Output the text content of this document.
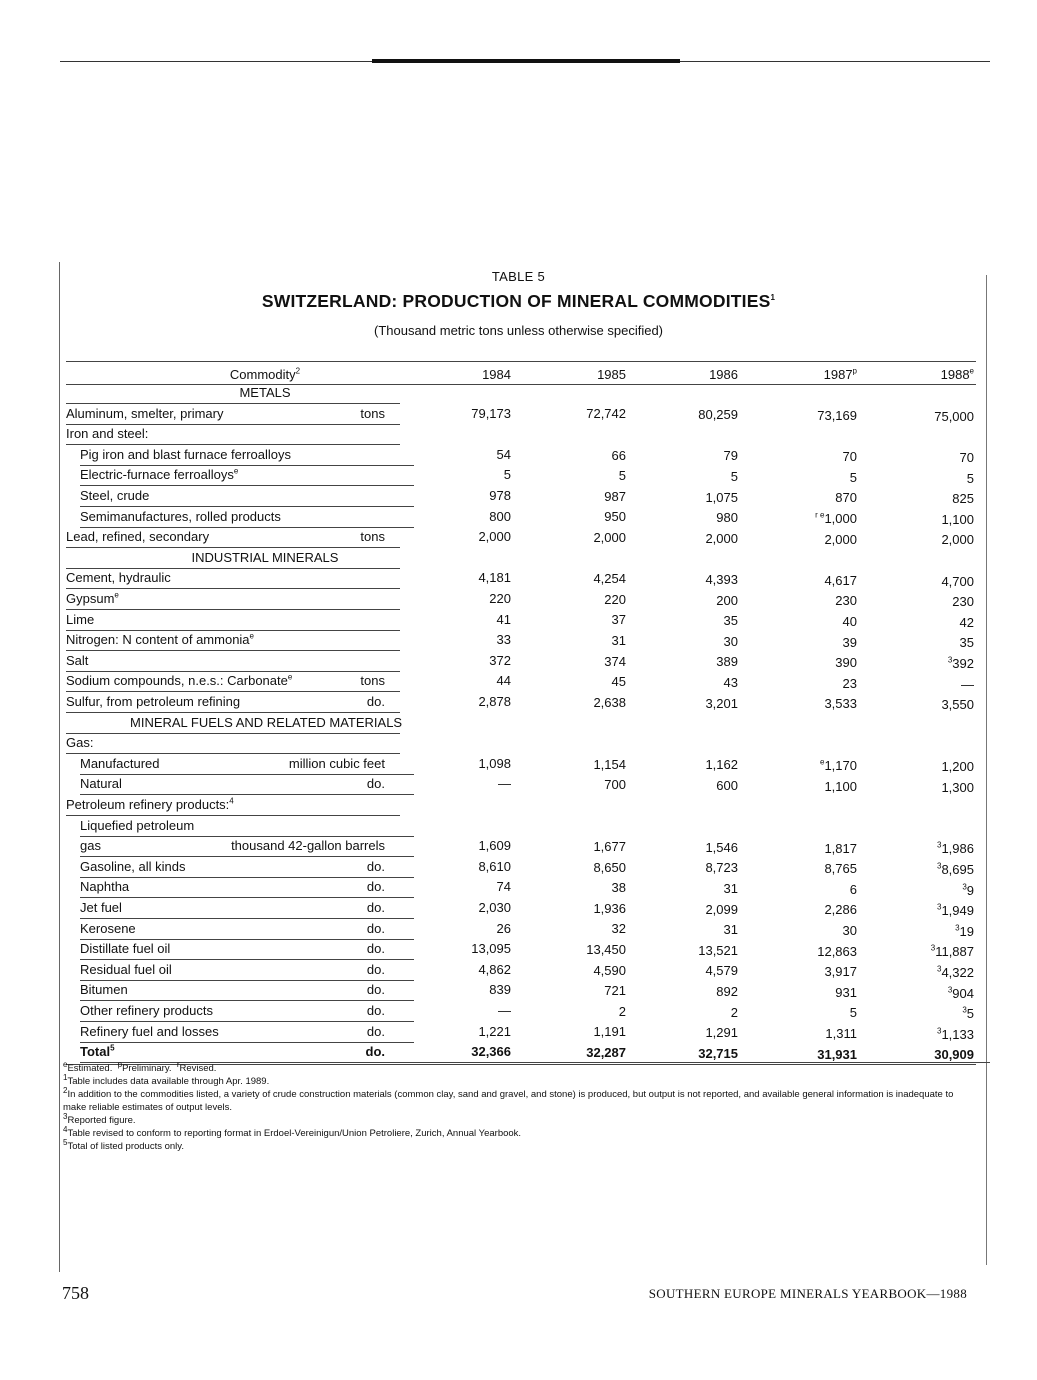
TABLE 5
SWITZERLAND: PRODUCTION OF MINERAL COMMODITIES$^1$
(Thousand metric tons unless otherwise specified)
Commodity$^2$	1984	1985	1986	1987$^p$	1988e
METALS
Aluminum, smelter, primary	tons	79,173	72,742	80,259	73,169	75,000
Iron and steel:
Pig iron and blast furnace ferroalloys	54	66	79	70	70
Electric-furnace ferroalloys$^e$	5	5	5	5	5
Steel, crude	978	987	1,075	870	825
Semimanufactures, rolled products	800	950	980	$^{r e}$1,000	1,100
Lead, refined, secondary	tons	2,000	2,000	2,000	2,000	2,000
INDUSTRIAL MINERALS
Cement, hydraulic	4,181	4,254	4,393	4,617	4,700
Gypsum$^e$	220	220	200	230	230
Lime	41	37	35	40	42
Nitrogen: N content of ammonia$^e$	33	31	30	39	35
Salt	372	374	389	390	$^3$392
Sodium compounds, n.e.s.: Carbonate$^e$	tons	44	45	43	23	—
Sulfur, from petroleum refining	do.	2,878	2,638	3,201	3,533	3,550
MINERAL FUELS AND RELATED MATERIALS
Gas:
Manufactured	million cubic feet	1,098	1,154	1,162	$^e$1,170	1,200
Natural	do.	—	700	600	1,100	1,300
Petroleum refinery products:$^4$
Liquefied petroleum
gas	thousand 42-gallon barrels	1,609	1,677	1,546	1,817	$^3$1,986
Gasoline, all kinds	do.	8,610	8,650	8,723	8,765	$^3$8,695
Naphtha	do.	74	38	31	6	$^3$9
Jet fuel	do.	2,030	1,936	2,099	2,286	$^3$1,949
Kerosene	do.	26	32	31	30	$^3$19
Distillate fuel oil	do.	13,095	13,450	13,521	12,863	$^3$11,887
Residual fuel oil	do.	4,862	4,590	4,579	3,917	$^3$4,322
Bitumen	do.	839	721	892	931	$^3$904
Other refinery products	do.	—	2	2	5	$^3$5
Refinery fuel and losses	do.	1,221	1,191	1,291	1,311	$^3$1,133
Total$^5$	do.	32,366	32,287	32,715	31,931	30,909
$^e$Estimated. $^p$Preliminary. $^r$Revised.
$^1$Table includes data available through Apr. 1989.
$^2$In addition to the commodities listed, a variety of crude construction materials (common clay, sand and gravel, and stone) is produced, but output is not reported, and available general information is inadequate to make reliable estimates of output levels.
$^3$Reported figure.
$^4$Table revised to conform to reporting format in Erdoel-Vereinigun/Union Petroliere, Zurich, Annual Yearbook.
$^5$Total of listed products only.
758	SOUTHERN EUROPE MINERALS YEARBOOK—1988
